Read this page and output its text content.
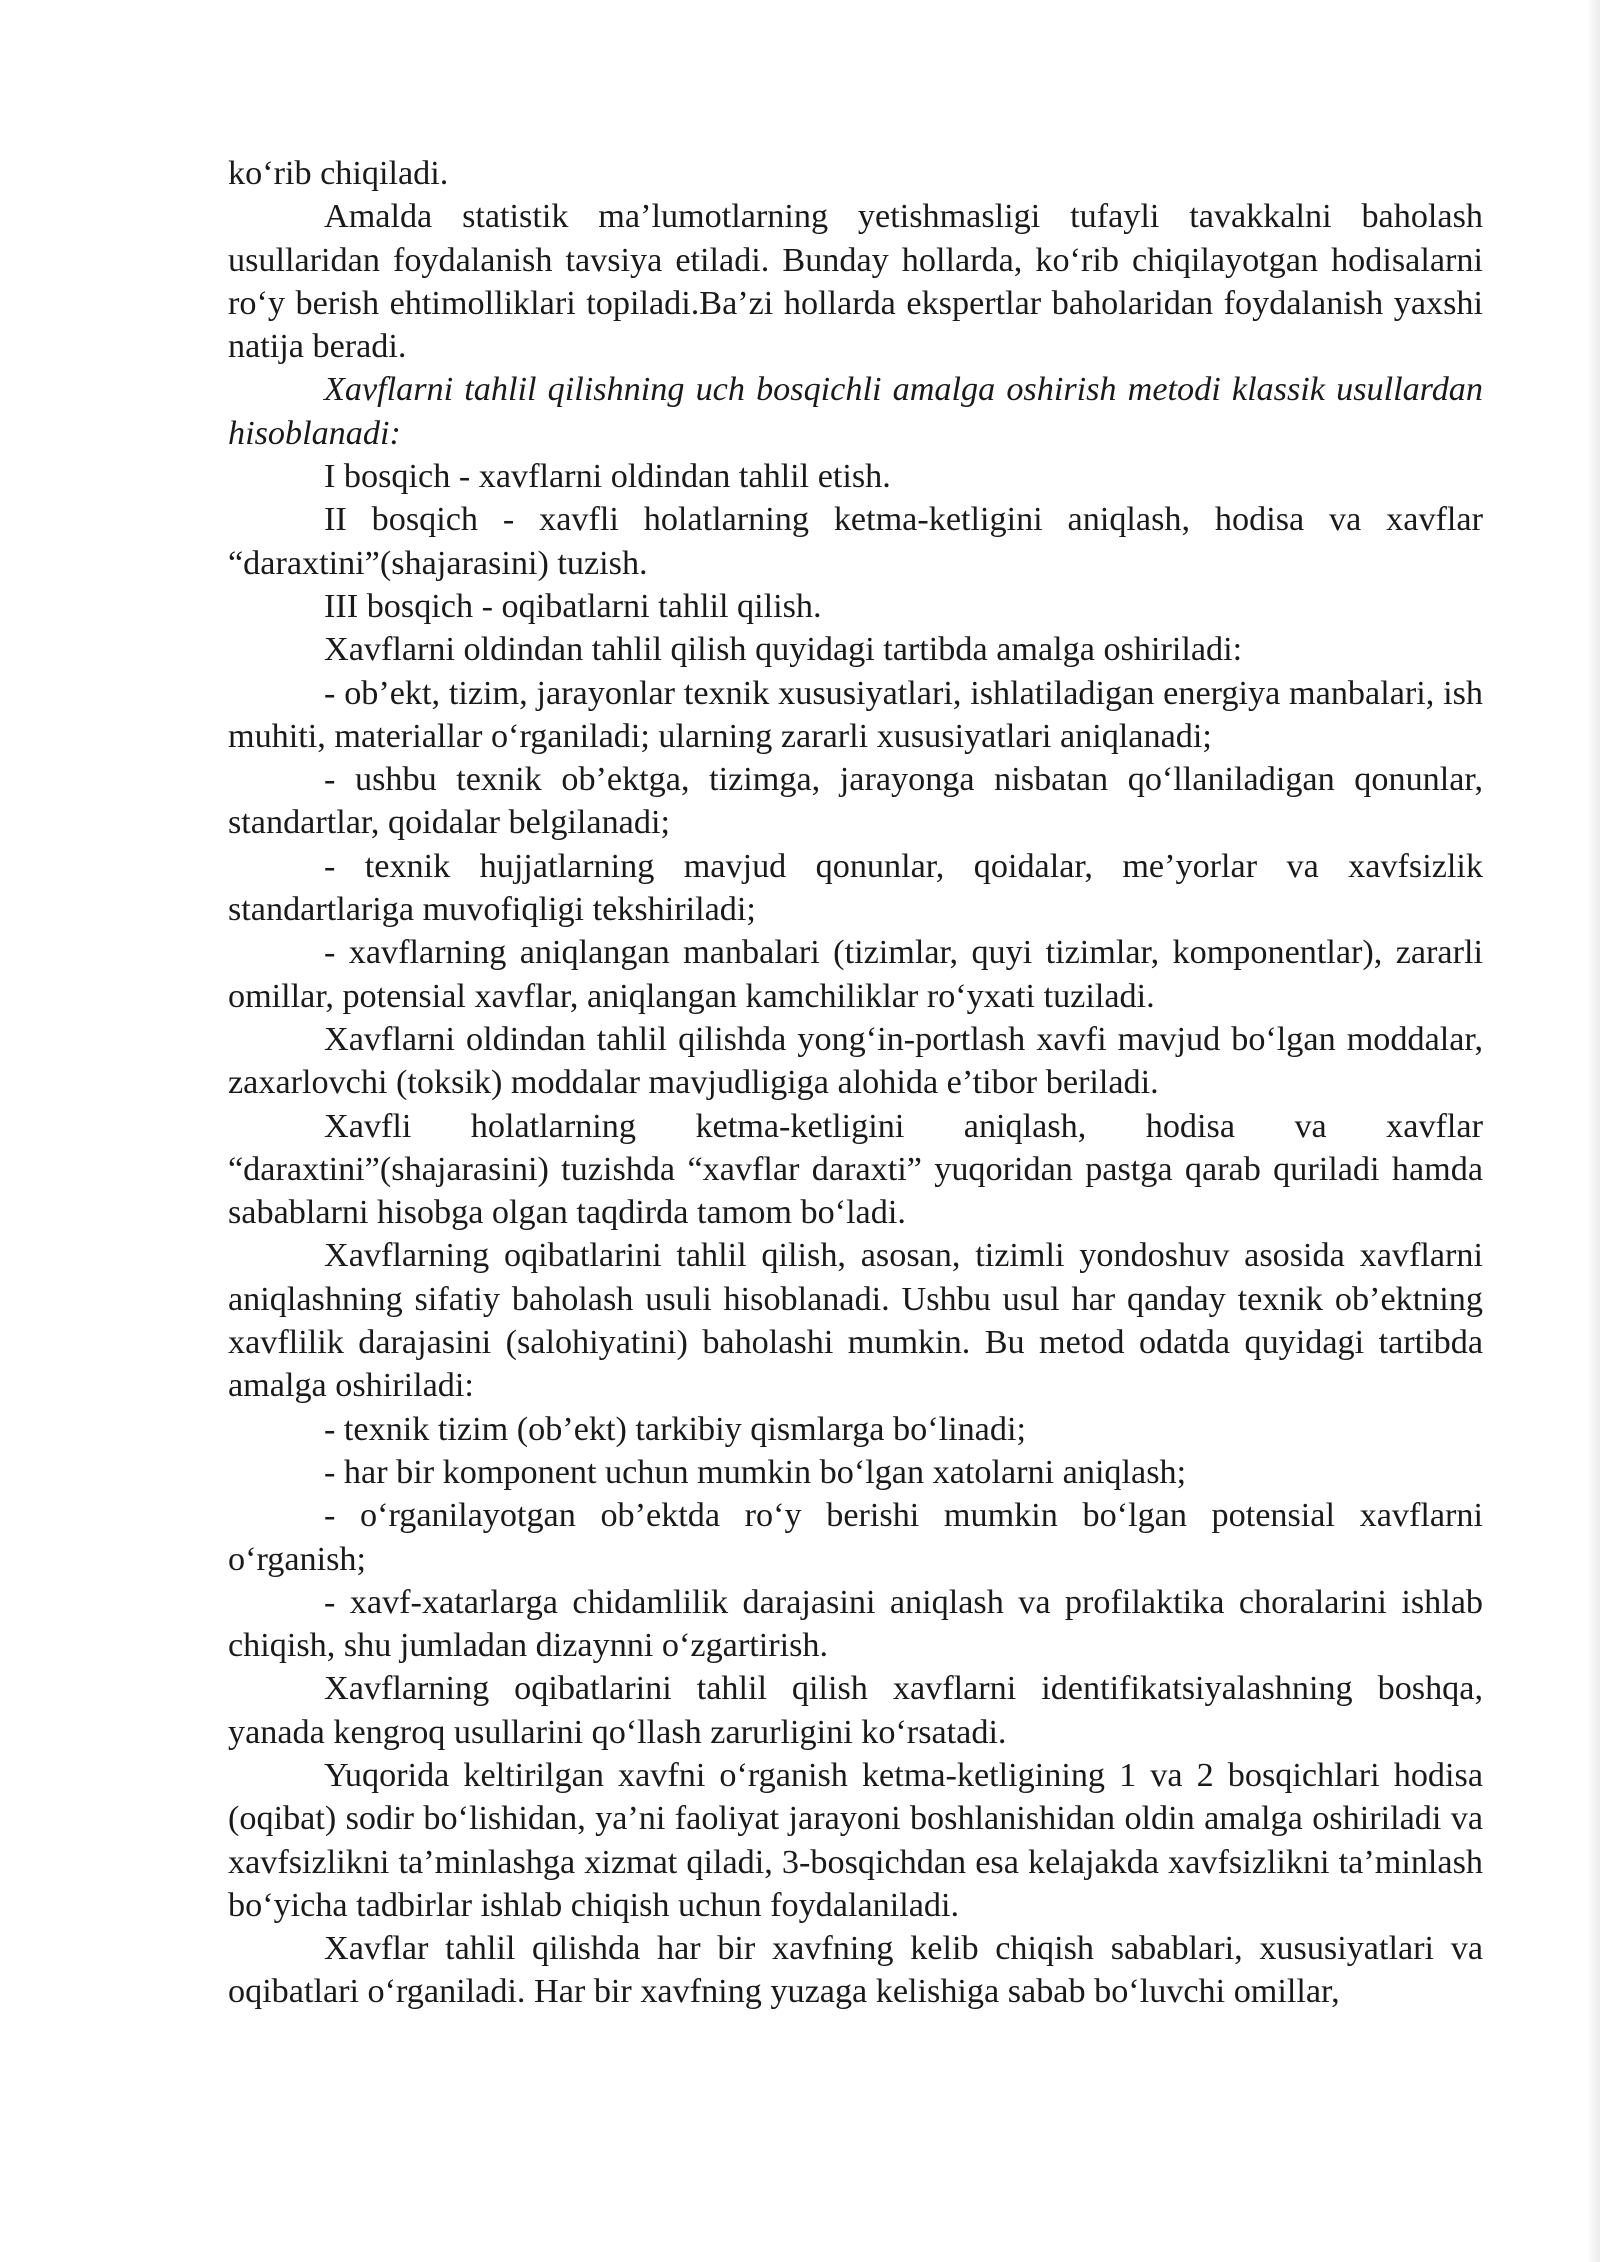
ko‘rib chiqiladi.

Amalda statistik ma’lumotlarning yetishmasligi tufayli tavakkalni baholash usullaridan foydalanish tavsiya etiladi. Bunday hollarda, ko‘rib chiqilayotgan hodisalarni ro‘y berish ehtimolliklari topiladi.Ba’zi hollarda ekspertlar baholaridan foydalanish yaxshi natija beradi.

Xavflarni tahlil qilishning uch bosqichli amalga oshirish metodi klassik usullardan hisoblanadi:

I bosqich - xavflarni oldindan tahlil etish.

II bosqich - xavfli holatlarning ketma-ketligini aniqlash, hodisa va xavflar “daraxtini”(shajarasini) tuzish.

III bosqich - oqibatlarni tahlil qilish.

Xavflarni oldindan tahlil qilish quyidagi tartibda amalga oshiriladi:

- ob’ekt, tizim, jarayonlar texnik xususiyatlari, ishlatiladigan energiya manbalari, ish muhiti, materiallar o‘rganiladi; ularning zararli xususiyatlari aniqlanadi;

- ushbu texnik ob’ektga, tizimga, jarayonga nisbatan qo‘llaniladigan qonunlar, standartlar, qoidalar belgilanadi;

- texnik hujjatlarning mavjud qonunlar, qoidalar, me’yorlar va xavfsizlik standartlariga muvofiqligi tekshiriladi;

- xavflarning aniqlangan manbalari (tizimlar, quyi tizimlar, komponentlar), zararli omillar, potensial xavflar, aniqlangan kamchiliklar ro‘yxati tuziladi.

Xavflarni oldindan tahlil qilishda yong‘in-portlash xavfi mavjud bo‘lgan moddalar, zaxarlovchi (toksik) moddalar mavjudligiga alohida e’tibor beriladi.

Xavfli holatlarning ketma-ketligini aniqlash, hodisa va xavflar “daraxtini”(shajarasini) tuzishda “xavflar daraxti” yuqoridan pastga qarab quriladi hamda sabablarni hisobga olgan taqdirda tamom bo‘ladi.

Xavflarning oqibatlarini tahlil qilish, asosan, tizimli yondoshuv asosida xavflarni aniqlashning sifatiy baholash usuli hisoblanadi. Ushbu usul har qanday texnik ob’ektning xavflilik darajasini (salohiyatini) baholashi mumkin. Bu metod odatda quyidagi tartibda amalga oshiriladi:

- texnik tizim (ob’ekt) tarkibiy qismlarga bo‘linadi;

- har bir komponent uchun mumkin bo‘lgan xatolarni aniqlash;

- o‘rganilayotgan ob’ektda ro‘y berishi mumkin bo‘lgan potensial xavflarni o‘rganish;

- xavf-xatarlarga chidamlilik darajasini aniqlash va profilaktika choralarini ishlab chiqish, shu jumladan dizaynni o‘zgartirish.

Xavflarning oqibatlarini tahlil qilish xavflarni identifikatsiyalashning boshqa, yanada kengroq usullarini qo‘llash zarurligini ko‘rsatadi.

Yuqorida keltirilgan xavfni o‘rganish ketma-ketligining 1 va 2 bosqichlari hodisa (oqibat) sodir bo‘lishidan, ya’ni faoliyat jarayoni boshlanishidan oldin amalga oshiriladi va xavfsizlikni ta’minlashga xizmat qiladi, 3-bosqichdan esa kelajakda xavfsizlikni ta’minlash bo‘yicha tadbirlar ishlab chiqish uchun foydalaniladi.

Xavflar tahlil qilishda har bir xavfning kelib chiqish sabablari, xususiyatlari va oqibatlari o‘rganiladi. Har bir xavfning yuzaga kelishiga sabab bo‘luvchi omillar,
